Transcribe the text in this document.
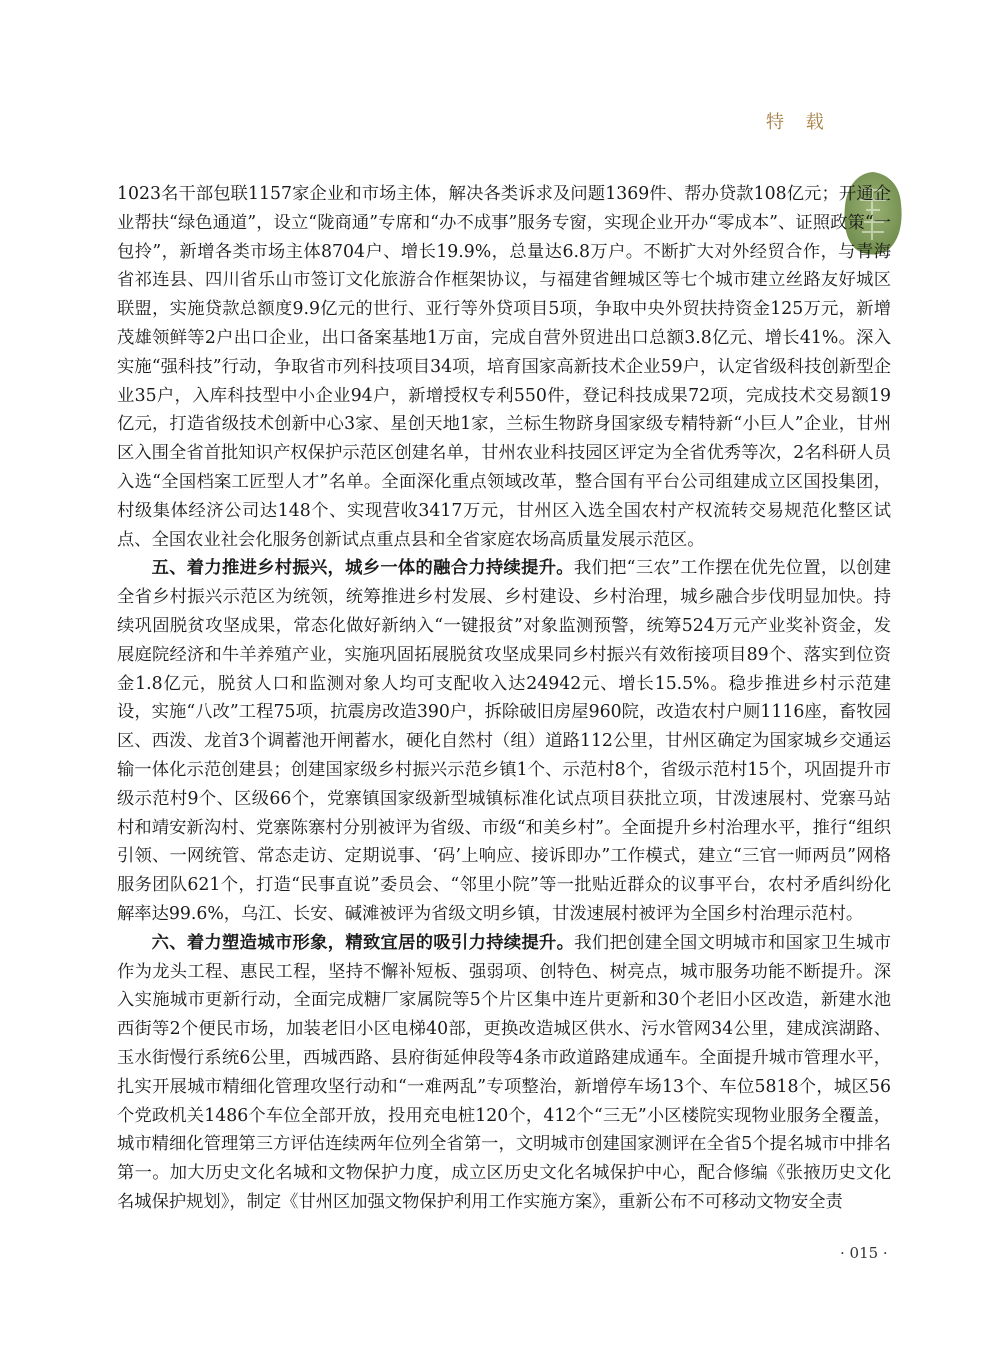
特 载

1023名干部包联1157家企业和市场主体，解决各类诉求及问题1369件、帮办贷款108亿元；开通企业帮扶“绿色通道”，设立“陇商通”专席和“办不成事”服务专窗，实现企业开办“零成本”、证照政策“一包拎”，新增各类市场主体8704户、增长19.9%，总量达6.8万户。不断扩大对外经贸合作，与青海省祁连县、四川省乐山市签订文化旅游合作框架协议，与福建省鲤城区等七个城市建立丝路友好城区联盟，实施贷款总额度9.9亿元的世行、亚行等外贷项目5项，争取中央外贸扶持资金125万元，新增茂雄领鲜等2户出口企业，出口备案基地1万亩，完成自营外贸进出口总额3.8亿元、增长41%。深入实施“强科技”行动，争取省市列科技项目34项，培育国家高新技术企业59户，认定省级科技创新型企业35户，入库科技型中小企业94户，新增授权专利550件，登记科技成果72项，完成技术交易额19亿元，打造省级技术创新中心3家、星创天地1家，兰标生物跻身国家级专精特新“小巨人”企业，甘州区入围全省首批知识产权保护示范区创建名单，甘州农业科技园区评定为全省优秀等次，2名科研人员入选“全国档案工匠型人才”名单。全面深化重点领域改革，整合国有平台公司组建成立区国投集团，村级集体经济公司达148个、实现营收3417万元，甘州区入选全国农村产权流转交易规范化整区试点、全国农业社会化服务创新试点重点县和全省家庭农场高质量发展示范区。

五、着力推进乡村振兴，城乡一体的融合力持续提升。我们把“三农”工作摆在优先位置，以创建全省乡村振兴示范区为统领，统筹推进乡村发展、乡村建设、乡村治理，城乡融合步伐明显加快。持续巩固脱贫攻坚成果，常态化做好新纳入“一键报贫”对象监测预警，统筹524万元产业奖补资金，发展庭院经济和牛羊养殖产业，实施巩固拓展脱贫攻坚成果同乡村振兴有效衔接项目89个、落实到位资金1.8亿元，脱贫人口和监测对象人均可支配收入达24942元、增长15.5%。稳步推进乡村示范建设，实施“八改”工程75项，抗震房改造390户，拆除破旧房屋960院，改造农村户厕1116座，畜牧园区、西泼、龙首3个调蓄池开闸蓄水，硬化自然村（组）道路112公里，甘州区确定为国家城乡交通运输一体化示范创建县；创建国家级乡村振兴示范乡镇1个、示范村8个，省级示范村15个，巩固提升市级示范村9个、区级66个，党寨镇国家级新型城镇标准化试点项目获批立项，甘泼速展村、党寨马站村和靖安新沟村、党寨陈寨村分别被评为省级、市级“和美乡村”。全面提升乡村治理水平，推行“组织引领、一网统管、常态走访、定期说事、‘码’上响应、接诉即办”工作模式，建立“三官一师两员”网格服务团队621个，打造“民事直说”委员会、“邻里小院”等一批贴近群众的议事平台，农村矛盾纠纷化解率达99.6%，乌江、长安、碱滩被评为省级文明乡镇，甘泼速展村被评为全国乡村治理示范村。

六、着力塑造城市形象，精致宜居的吸引力持续提升。我们把创建全国文明城市和国家卫生城市作为龙头工程、惠民工程，坚持不懈补短板、强弱项、创特色、树亮点，城市服务功能不断提升。深入实施城市更新行动，全面完成糖厂家属院等5个片区集中连片更新和30个老旧小区改造，新建水池西街等2个便民市场，加装老旧小区电梯40部，更换改造城区供水、污水管网34公里，建成滨湖路、玉水街慢行系统6公里，西城西路、县府街延伸段等4条市政道路建成通车。全面提升城市管理水平，扎实开展城市精细化管理攻坚行动和“一难两乱”专项整治，新增停车场13个、车位5818个，城区56个党政机关1486个车位全部开放，投用充电桩120个，412个“三无”小区楼院实现物业服务全覆盖，城市精细化管理第三方评估连续两年位列全省第一，文明城市创建国家测评在全省5个提名城市中排名第一。加大历史文化名城和文物保护力度，成立区历史文化名城保护中心，配合修编《张掖历史文化名城保护规划》，制定《甘州区加强文物保护利用工作实施方案》，重新公布不可移动文物安全责

· 015 ·
